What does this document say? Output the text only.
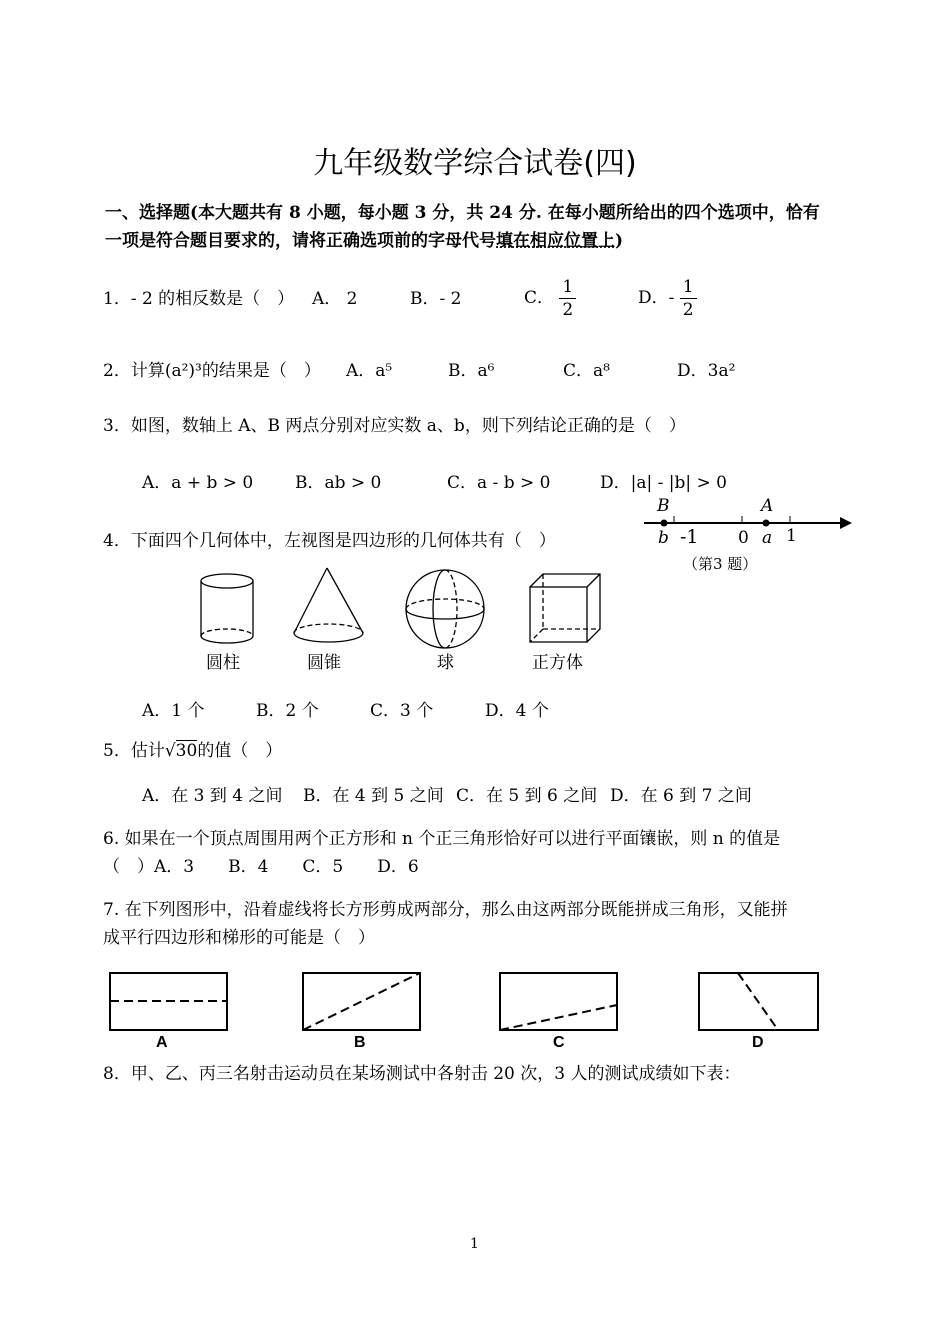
九年级数学综合试卷(四)
一、选择题(本大题共有 8 小题，每小题 3 分，共 24 分. 在每小题所给出的四个选项中，恰有
一项是符合题目要求的，请将正确选项前的字母代号填在相应位置上)
1．- 2 的相反数是（　） A． 2	B．- 2	C． $\frac{1}{2}$	D．- $\frac{1}{2}$
2．计算(a²)³的结果是（　） A．a⁵	B．a⁶	C．a⁸	D．3a²
3．如图，数轴上 A、B 两点分别对应实数 a、b，则下列结论正确的是（　）
A．a + b > 0 B．ab > 0	C．a - b > 0	D．|a| - |b| > 0
B	A
b -1 0 a 1
（第3 题）
4．下面四个几何体中，左视图是四边形的几何体共有（　）
圆柱	圆锥	球	正方体
A．1 个	B．2 个	C．3 个	D．4 个
5．估计√30的值（　）
A．在 3 到 4 之间 B．在 4 到 5 之间 C．在 5 到 6 之间 D．在 6 到 7 之间
6. 如果在一个顶点周围用两个正方形和 n 个正三角形恰好可以进行平面镶嵌，则 n 的值是
（　）A．3　　B．4　　C．5　　D．6
7. 在下列图形中，沿着虚线将长方形剪成两部分，那么由这两部分既能拼成三角形，又能拼
成平行四边形和梯形的可能是（　）
A	B	C	D
8．甲、乙、丙三名射击运动员在某场测试中各射击 20 次，3 人的测试成绩如下表：
1
